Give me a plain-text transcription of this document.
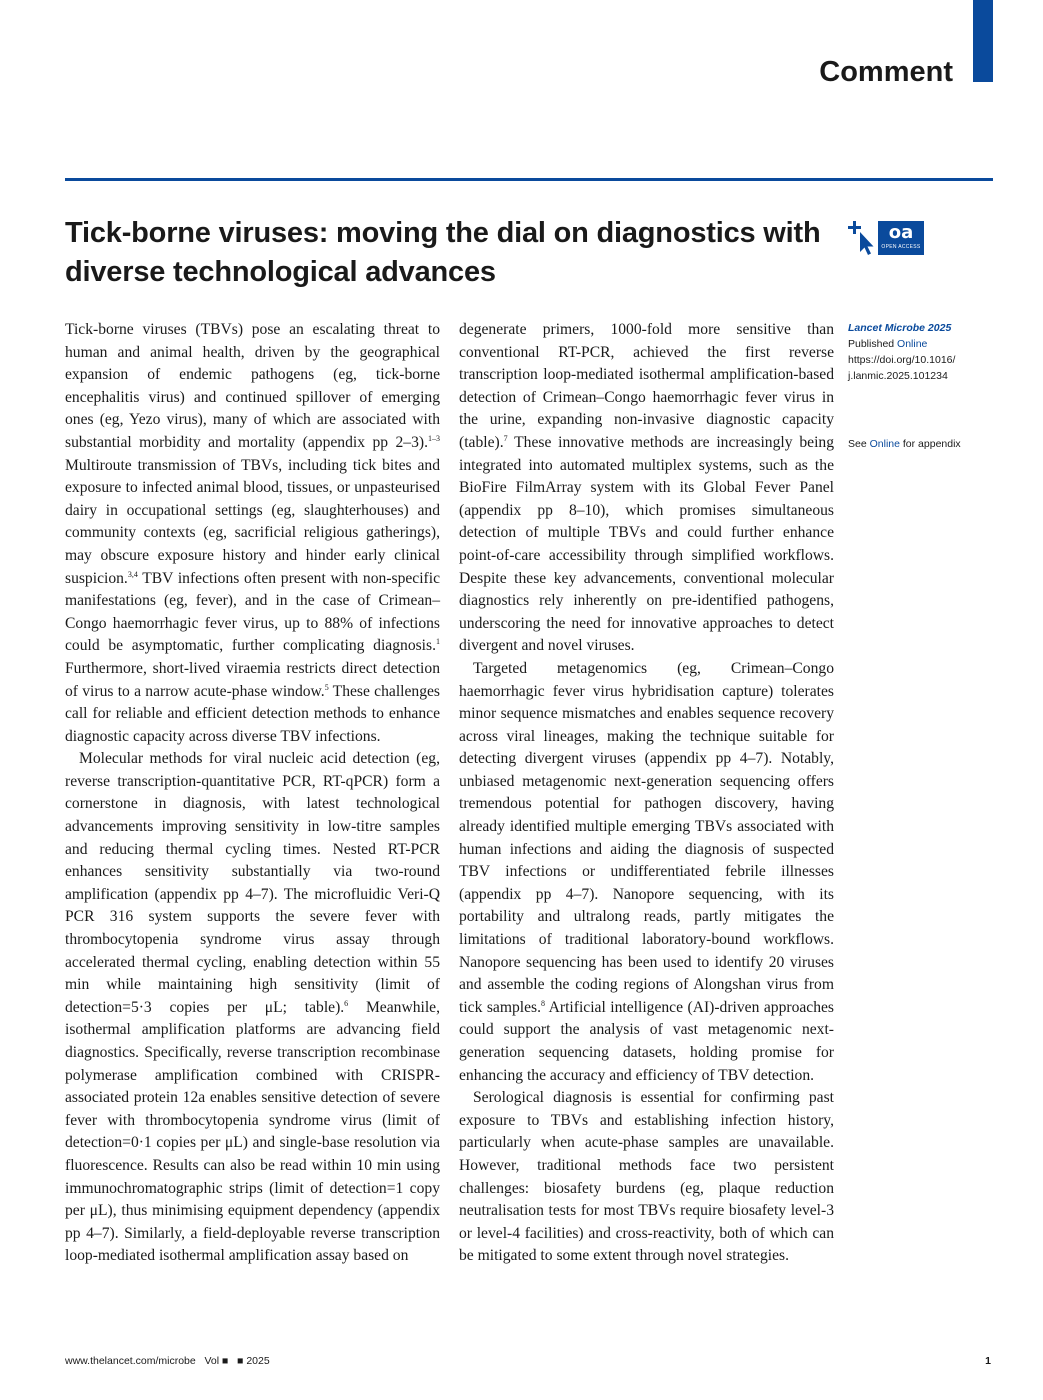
Comment
Tick-borne viruses: moving the dial on diagnostics with diverse technological advances
oa
OPEN ACCESS

Tick-borne viruses (TBVs) pose an escalating threat to human and animal health, driven by the geographical expansion of endemic pathogens (eg, tick-borne encephalitis virus) and continued spillover of emerging ones (eg, Yezo virus), many of which are associated with substantial morbidity and mortality (appendix pp 2–3).$^{1-3}$ Multiroute transmission of TBVs, including tick bites and exposure to infected animal blood, tissues, or unpasteurised dairy in occupational settings (eg, slaughterhouses) and community contexts (eg, sacrificial religious gatherings), may obscure exposure history and hinder early clinical suspicion.$^{3,4}$ TBV infections often present with non-specific manifestations (eg, fever), and in the case of Crimean–Congo haemorrhagic fever virus, up to 88% of infections could be asymptomatic, further complicating diagnosis.$^1$ Furthermore, short-lived viraemia restricts direct detection of virus to a narrow acute-phase window.$^5$ These challenges call for reliable and efficient detection methods to enhance diagnostic capacity across diverse TBV infections.

Molecular methods for viral nucleic acid detection (eg, reverse transcription-quantitative PCR, RT-qPCR) form a cornerstone in diagnosis, with latest technological advancements improving sensitivity in low-titre samples and reducing thermal cycling times. Nested RT-PCR enhances sensitivity substantially via two-round amplification (appendix pp 4–7). The microfluidic Veri-Q PCR 316 system supports the severe fever with thrombocytopenia syndrome virus assay through accelerated thermal cycling, enabling detection within 55 min while maintaining high sensitivity (limit of detection=5·3 copies per μL; table).$^6$ Meanwhile, isothermal amplification platforms are advancing field diagnostics. Specifically, reverse transcription recombinase polymerase amplification combined with CRISPR-associated protein 12a enables sensitive detection of severe fever with thrombocytopenia syndrome virus (limit of detection=0·1 copies per μL) and single-base resolution via fluorescence. Results can also be read within 10 min using immunochromatographic strips (limit of detection=1 copy per μL), thus minimising equipment dependency (appendix pp 4–7). Similarly, a field-deployable reverse transcription loop-mediated isothermal amplification assay based on

degenerate primers, 1000-fold more sensitive than conventional RT-PCR, achieved the first reverse transcription loop-mediated isothermal amplification-based detection of Crimean–Congo haemorrhagic fever virus in the urine, expanding non-invasive diagnostic capacity (table).$^7$ These innovative methods are increasingly being integrated into automated multiplex systems, such as the BioFire FilmArray system with its Global Fever Panel (appendix pp 8–10), which promises simultaneous detection of multiple TBVs and could further enhance point-of-care accessibility through simplified workflows. Despite these key advancements, conventional molecular diagnostics rely inherently on pre-identified pathogens, underscoring the need for innovative approaches to detect divergent and novel viruses.

Targeted metagenomics (eg, Crimean–Congo haemorrhagic fever virus hybridisation capture) tolerates minor sequence mismatches and enables sequence recovery across viral lineages, making the technique suitable for detecting divergent viruses (appendix pp 4–7). Notably, unbiased metagenomic next-generation sequencing offers tremendous potential for pathogen discovery, having already identified multiple emerging TBVs associated with human infections and aiding the diagnosis of suspected TBV infections or undifferentiated febrile illnesses (appendix pp 4–7). Nanopore sequencing, with its portability and ultralong reads, partly mitigates the limitations of traditional laboratory-bound workflows. Nanopore sequencing has been used to identify 20 viruses and assemble the coding regions of Alongshan virus from tick samples.$^8$ Artificial intelligence (AI)-driven approaches could support the analysis of vast metagenomic next-generation sequencing datasets, holding promise for enhancing the accuracy and efficiency of TBV detection.

Serological diagnosis is essential for confirming past exposure to TBVs and establishing infection history, particularly when acute-phase samples are unavailable. However, traditional methods face two persistent challenges: biosafety burdens (eg, plaque reduction neutralisation tests for most TBVs require biosafety level-3 or level-4 facilities) and cross-reactivity, both of which can be mitigated to some extent through novel strategies.

Lancet Microbe 2025
Published Online
https://doi.org/10.1016/
j.lanmic.2025.101234
See Online for appendix
www.thelancet.com/microbe   Vol ■   ■ 2025	1
